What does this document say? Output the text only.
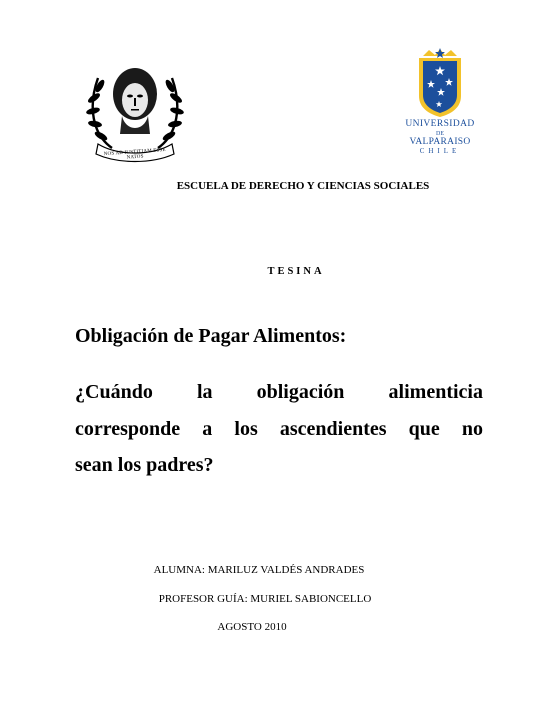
NOS AD IUSTITIAM ESSE NATOS
UNIVERSIDAD
DE
VALPARAISO
CHILE
ESCUELA DE DERECHO Y CIENCIAS SOCIALES
TESINA
Obligación de Pagar Alimentos:
¿Cuándo la obligación alimenticia
corresponde a los ascendientes que no
sean los padres?
ALUMNA: MARILUZ VALDÉS ANDRADES
PROFESOR GUÍA: MURIEL SABIONCELLO
AGOSTO 2010
